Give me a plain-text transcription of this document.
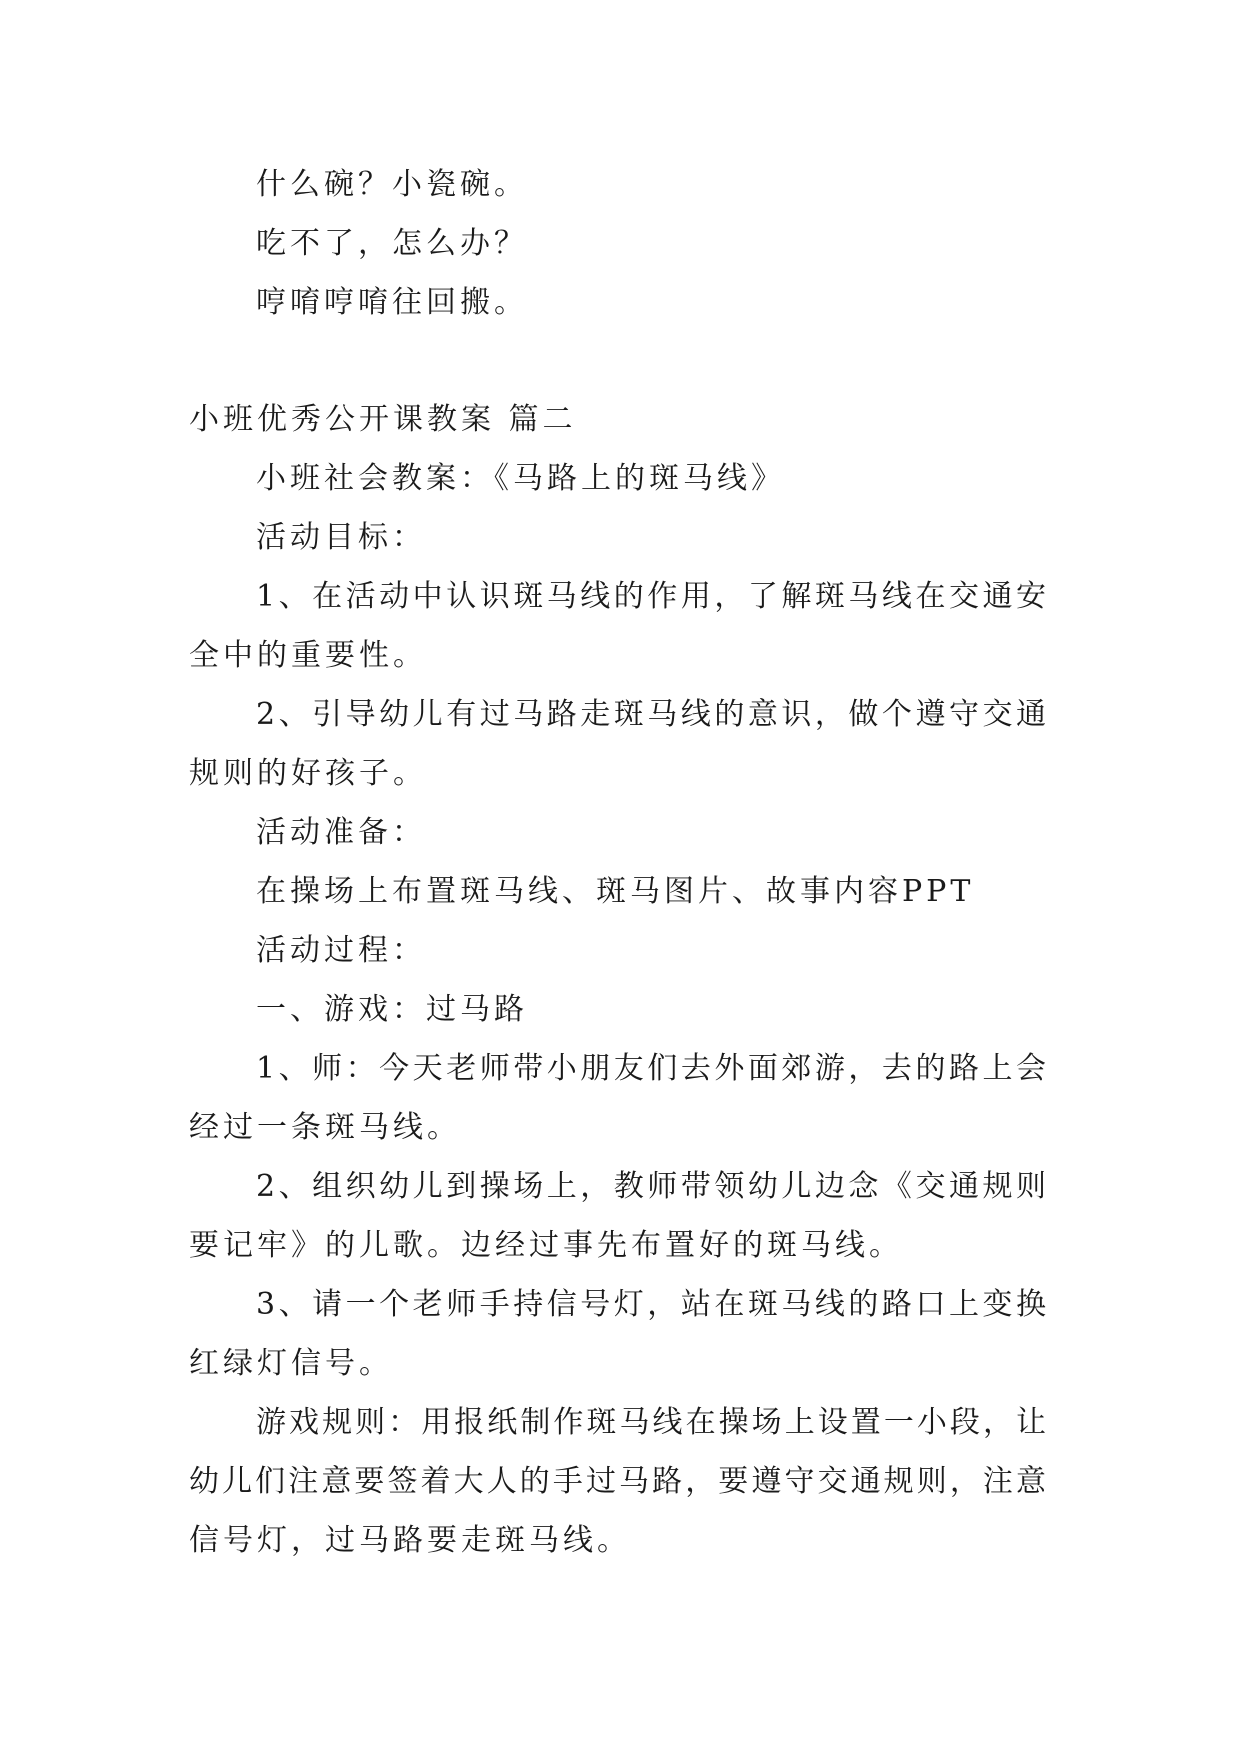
什么碗？小瓷碗。
吃不了，怎么办？
哼唷哼唷往回搬。
小班优秀公开课教案 篇二
小班社会教案：《马路上的斑马线》
活动目标：
1、在活动中认识斑马线的作用，了解斑马线在交通安
全中的重要性。
2、引导幼儿有过马路走斑马线的意识，做个遵守交通
规则的好孩子。
活动准备：
在操场上布置斑马线、斑马图片、故事内容PPT
活动过程：
一、游戏：过马路
1、师：今天老师带小朋友们去外面郊游，去的路上会
经过一条斑马线。
2、组织幼儿到操场上，教师带领幼儿边念《交通规则
要记牢》的儿歌。边经过事先布置好的斑马线。
3、请一个老师手持信号灯，站在斑马线的路口上变换
红绿灯信号。
游戏规则：用报纸制作斑马线在操场上设置一小段，让
幼儿们注意要签着大人的手过马路，要遵守交通规则，注意
信号灯，过马路要走斑马线。
